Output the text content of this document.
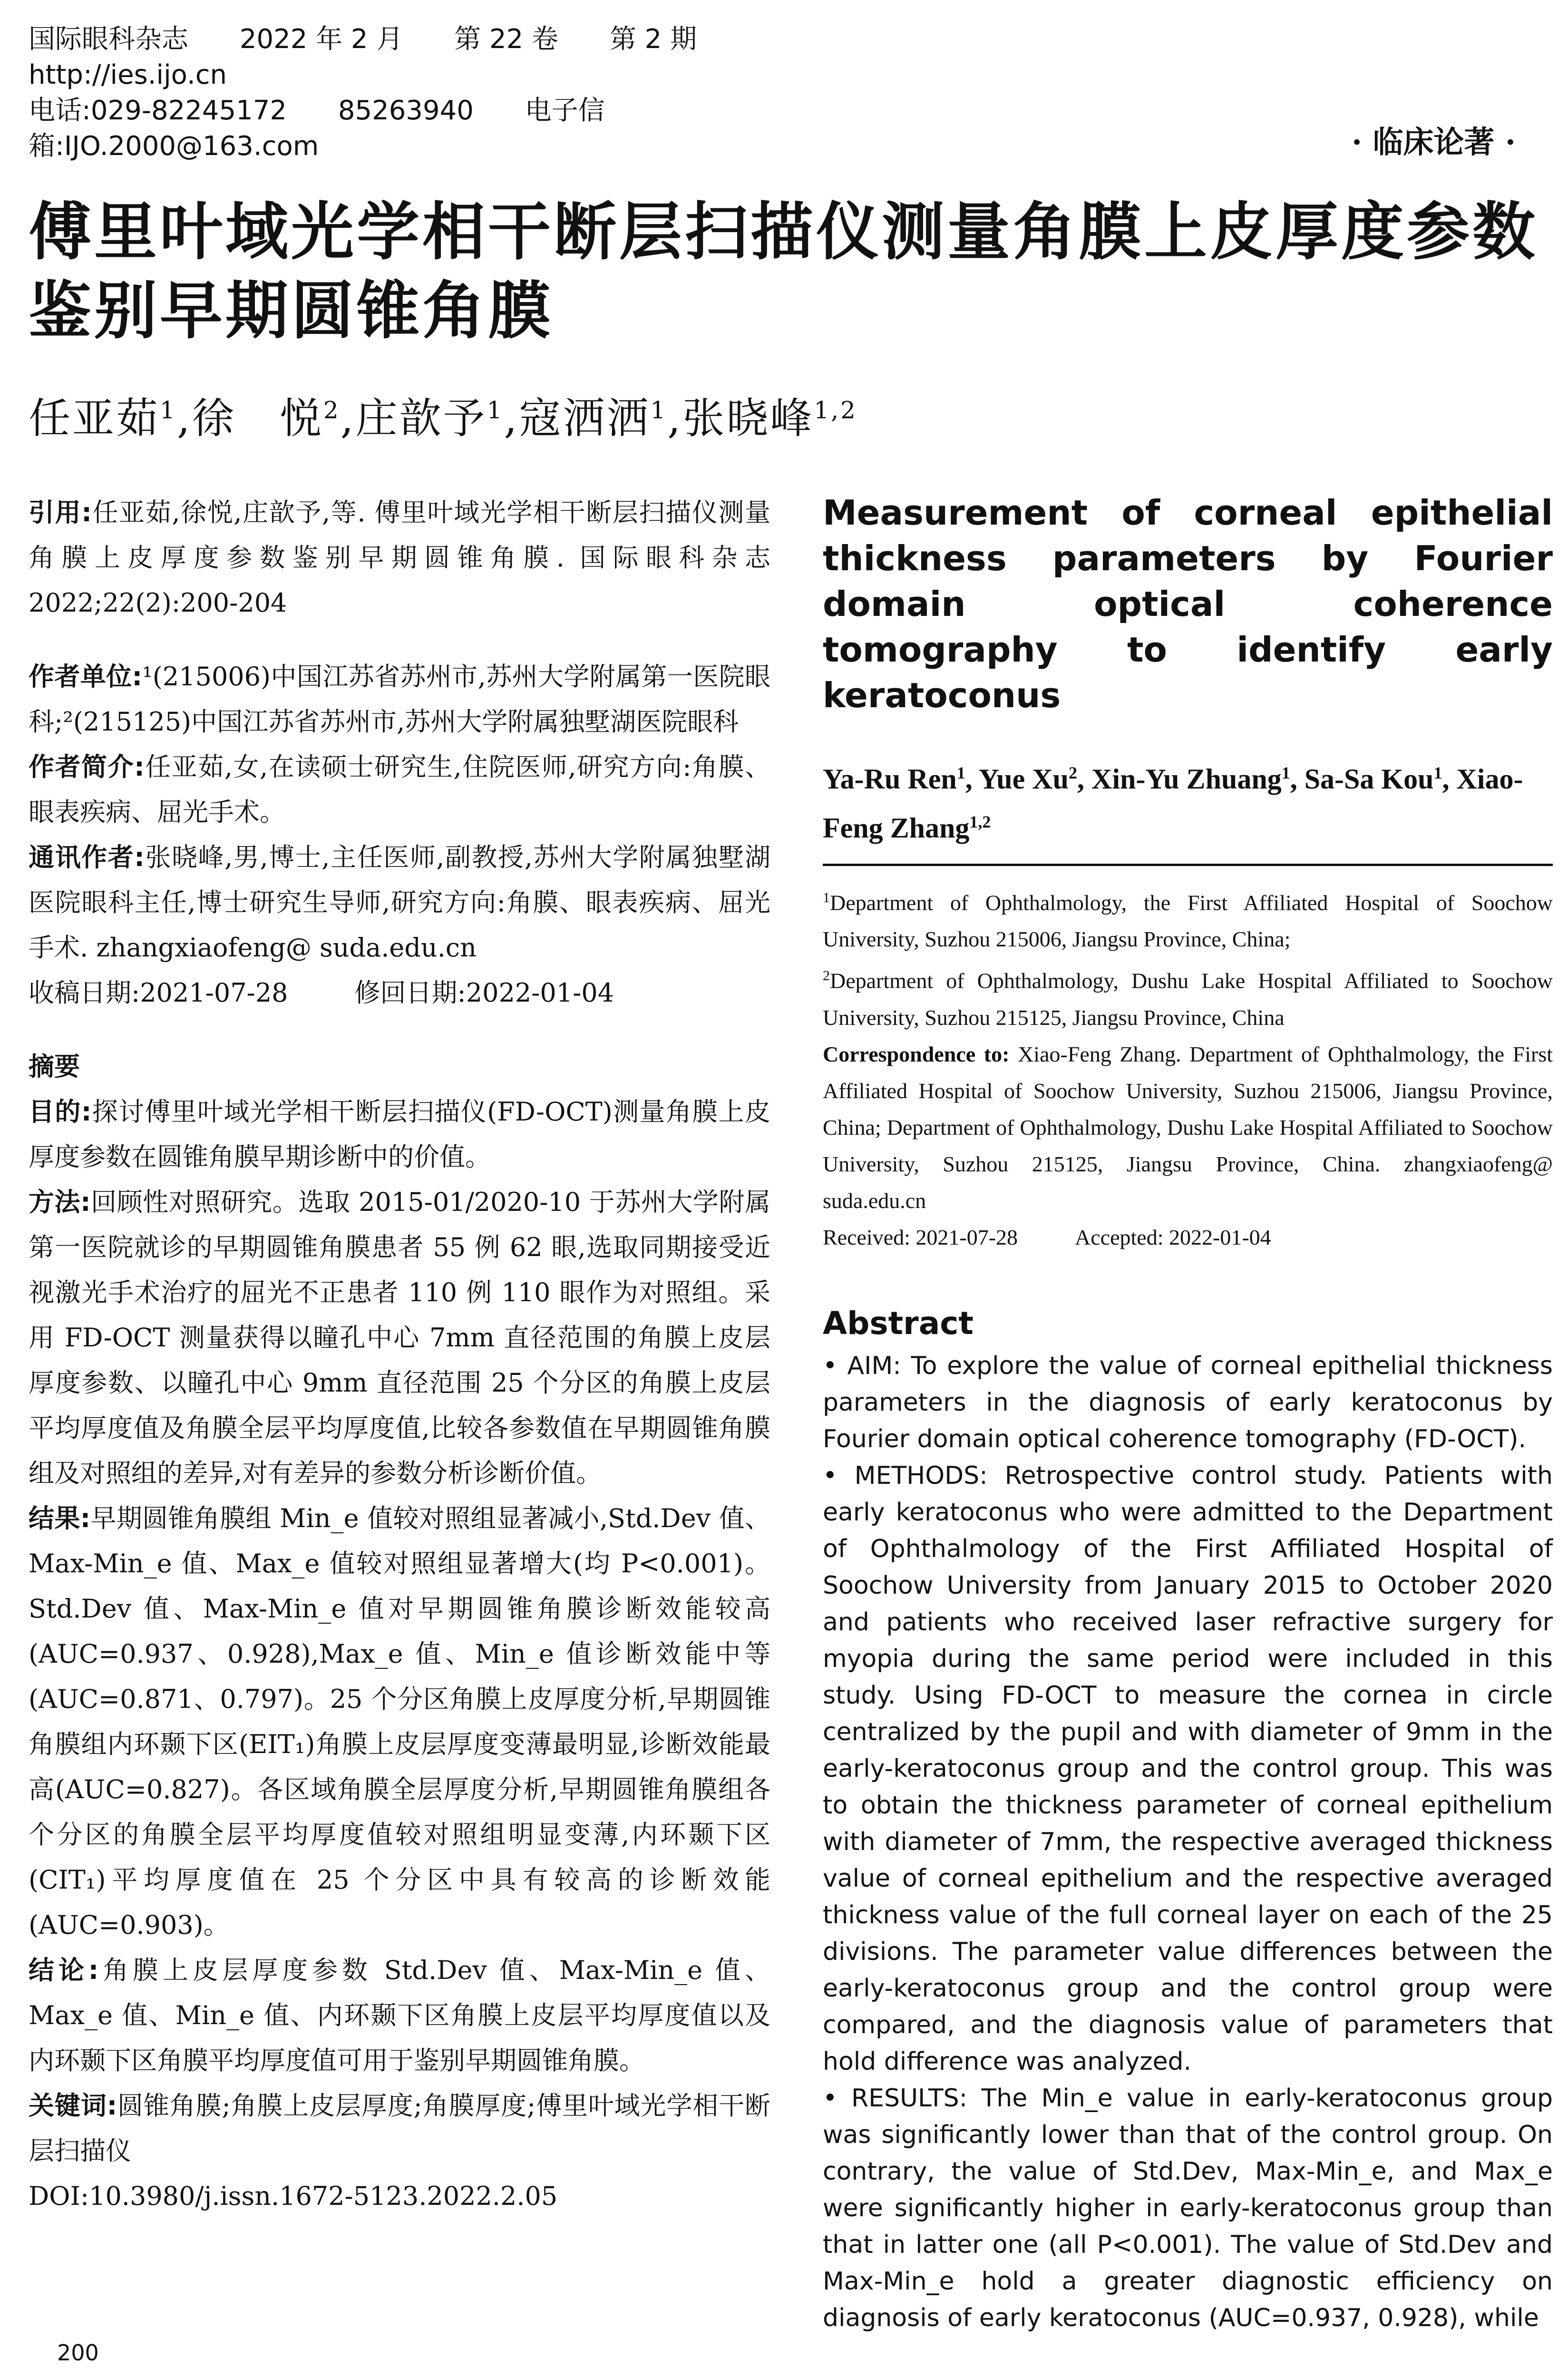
国际眼科杂志 2022 年 2 月 第 22 卷 第 2 期 http://ies.ijo.cn
电话:029-82245172 85263940 电子信箱:IJO.2000@163.com	· 临床论著 ·
傅里叶域光学相干断层扫描仪测量角膜上皮厚度参数鉴别早期圆锥角膜
任亚茹$^1$,徐　悦$^2$,庄歆予$^1$,寇洒洒$^1$,张晓峰$^{1,2}$

引用:任亚茹,徐悦,庄歆予,等. 傅里叶域光学相干断层扫描仪测量角膜上皮厚度参数鉴别早期圆锥角膜. 国际眼科杂志 2022;22(2):200-204

作者单位:¹(215006)中国江苏省苏州市,苏州大学附属第一医院眼科;²(215125)中国江苏省苏州市,苏州大学附属独墅湖医院眼科

作者简介:任亚茹,女,在读硕士研究生,住院医师,研究方向:角膜、眼表疾病、屈光手术。

通讯作者:张晓峰,男,博士,主任医师,副教授,苏州大学附属独墅湖医院眼科主任,博士研究生导师,研究方向:角膜、眼表疾病、屈光手术. zhangxiaofeng@ suda.edu.cn

收稿日期:2021-07-28	修回日期:2022-01-04

摘要

目的:探讨傅里叶域光学相干断层扫描仪(FD-OCT)测量角膜上皮厚度参数在圆锥角膜早期诊断中的价值。

方法:回顾性对照研究。选取 2015-01/2020-10 于苏州大学附属第一医院就诊的早期圆锥角膜患者 55 例 62 眼,选取同期接受近视激光手术治疗的屈光不正患者 110 例 110 眼作为对照组。采用 FD-OCT 测量获得以瞳孔中心 7mm 直径范围的角膜上皮层厚度参数、以瞳孔中心 9mm 直径范围 25 个分区的角膜上皮层平均厚度值及角膜全层平均厚度值,比较各参数值在早期圆锥角膜组及对照组的差异,对有差异的参数分析诊断价值。

结果:早期圆锥角膜组 Min_e 值较对照组显著减小,Std.Dev 值、Max-Min_e 值、Max_e 值较对照组显著增大(均 P<0.001)。Std.Dev 值、Max-Min_e 值对早期圆锥角膜诊断效能较高(AUC=0.937、0.928),Max_e 值、Min_e 值诊断效能中等(AUC=0.871、0.797)。25 个分区角膜上皮厚度分析,早期圆锥角膜组内环颞下区(EIT₁)角膜上皮层厚度变薄最明显,诊断效能最高(AUC=0.827)。各区域角膜全层厚度分析,早期圆锥角膜组各个分区的角膜全层平均厚度值较对照组明显变薄,内环颞下区(CIT₁)平均厚度值在 25 个分区中具有较高的诊断效能(AUC=0.903)。

结论:角膜上皮层厚度参数 Std.Dev 值、Max-Min_e 值、Max_e 值、Min_e 值、内环颞下区角膜上皮层平均厚度值以及内环颞下区角膜平均厚度值可用于鉴别早期圆锥角膜。

关键词:圆锥角膜;角膜上皮层厚度;角膜厚度;傅里叶域光学相干断层扫描仪

DOI:10.3980/j.issn.1672-5123.2022.2.05

Measurement of corneal epithelial thickness parameters by Fourier domain optical coherence tomography to identify early keratoconus

Ya-Ru Ren$^1$, Yue Xu$^2$, Xin-Yu Zhuang$^1$, Sa-Sa Kou$^1$, Xiao-Feng Zhang$^{1,2}$

$^1$Department of Ophthalmology, the First Affiliated Hospital of Soochow University, Suzhou 215006, Jiangsu Province, China;

$^2$Department of Ophthalmology, Dushu Lake Hospital Affiliated to Soochow University, Suzhou 215125, Jiangsu Province, China

Correspondence to: Xiao-Feng Zhang. Department of Ophthalmology, the First Affiliated Hospital of Soochow University, Suzhou 215006, Jiangsu Province, China; Department of Ophthalmology, Dushu Lake Hospital Affiliated to Soochow University, Suzhou 215125, Jiangsu Province, China. zhangxiaofeng@ suda.edu.cn

Received: 2021-07-28	Accepted: 2022-01-04

Abstract

• AIM: To explore the value of corneal epithelial thickness parameters in the diagnosis of early keratoconus by Fourier domain optical coherence tomography (FD-OCT).

• METHODS: Retrospective control study. Patients with early keratoconus who were admitted to the Department of Ophthalmology of the First Affiliated Hospital of Soochow University from January 2015 to October 2020 and patients who received laser refractive surgery for myopia during the same period were included in this study. Using FD-OCT to measure the cornea in circle centralized by the pupil and with diameter of 9mm in the early-keratoconus group and the control group. This was to obtain the thickness parameter of corneal epithelium with diameter of 7mm, the respective averaged thickness value of corneal epithelium and the respective averaged thickness value of the full corneal layer on each of the 25 divisions. The parameter value differences between the early-keratoconus group and the control group were compared, and the diagnosis value of parameters that hold difference was analyzed.

• RESULTS: The Min_e value in early-keratoconus group was significantly lower than that of the control group. On contrary, the value of Std.Dev, Max-Min_e, and Max_e were significantly higher in early-keratoconus group than that in latter one (all P<0.001). The value of Std.Dev and Max-Min_e hold a greater diagnostic efficiency on diagnosis of early keratoconus (AUC=0.937, 0.928), while

200
